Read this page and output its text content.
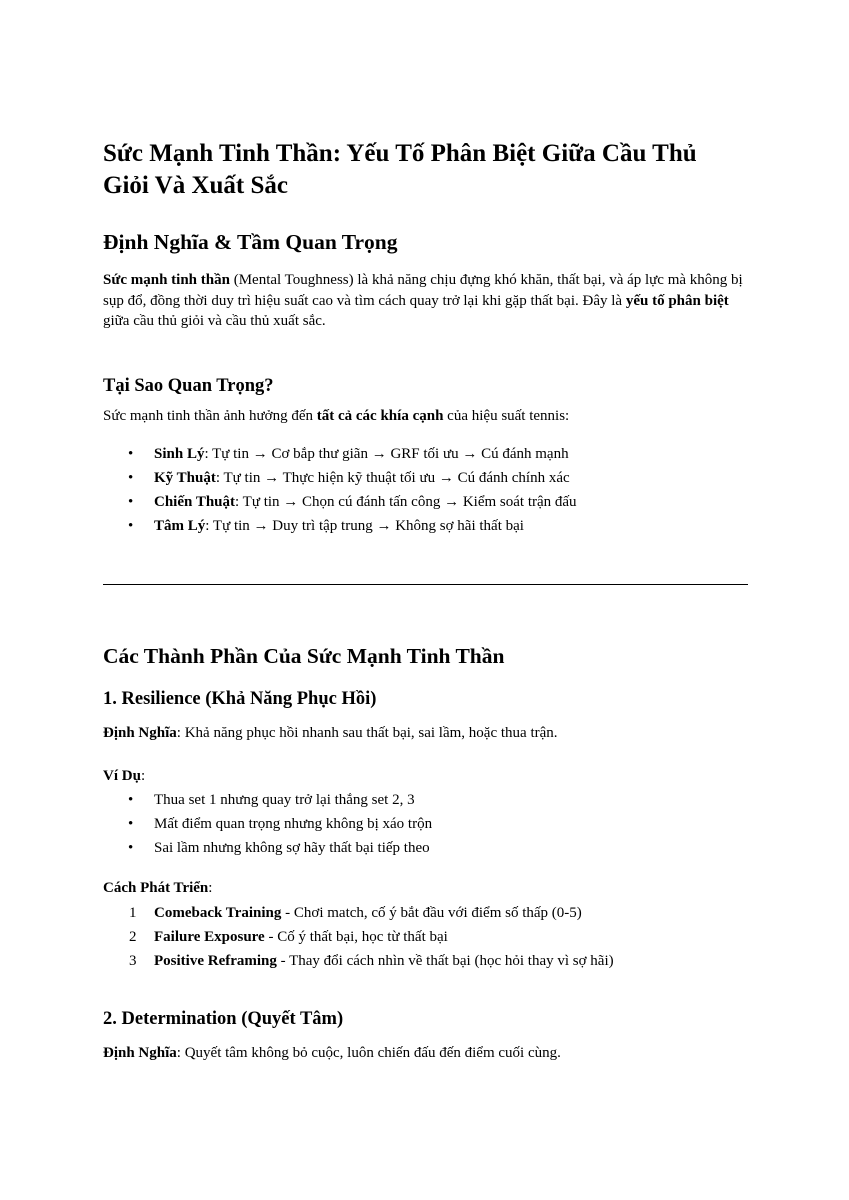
Sức Mạnh Tinh Thần: Yếu Tố Phân Biệt Giữa Cầu Thủ Giỏi Và Xuất Sắc
Định Nghĩa & Tầm Quan Trọng

Sức mạnh tinh thần (Mental Toughness) là khả năng chịu đựng khó khăn, thất bại, và áp lực mà không bị sụp đổ, đồng thời duy trì hiệu suất cao và tìm cách quay trở lại khi gặp thất bại. Đây là yếu tố phân biệt giữa cầu thủ giỏi và cầu thủ xuất sắc.

Tại Sao Quan Trọng?

Sức mạnh tinh thần ảnh hưởng đến tất cả các khía cạnh của hiệu suất tennis:

• Sinh Lý: Tự tin → Cơ bắp thư giãn → GRF tối ưu → Cú đánh mạnh
• Kỹ Thuật: Tự tin → Thực hiện kỹ thuật tối ưu → Cú đánh chính xác
• Chiến Thuật: Tự tin → Chọn cú đánh tấn công → Kiểm soát trận đấu
• Tâm Lý: Tự tin → Duy trì tập trung → Không sợ hãi thất bại
Các Thành Phần Của Sức Mạnh Tinh Thần
1. Resilience (Khả Năng Phục Hồi)

Định Nghĩa: Khả năng phục hồi nhanh sau thất bại, sai lầm, hoặc thua trận.

Ví Dụ:

• Thua set 1 nhưng quay trở lại thắng set 2, 3
• Mất điểm quan trọng nhưng không bị xáo trộn
• Sai lầm nhưng không sợ hãy thất bại tiếp theo

Cách Phát Triển:

1 Comeback Training - Chơi match, cố ý bắt đầu với điểm số thấp (0-5)
2 Failure Exposure - Cố ý thất bại, học từ thất bại
3 Positive Reframing - Thay đổi cách nhìn về thất bại (học hỏi thay vì sợ hãi)
2. Determination (Quyết Tâm)

Định Nghĩa: Quyết tâm không bỏ cuộc, luôn chiến đấu đến điểm cuối cùng.
